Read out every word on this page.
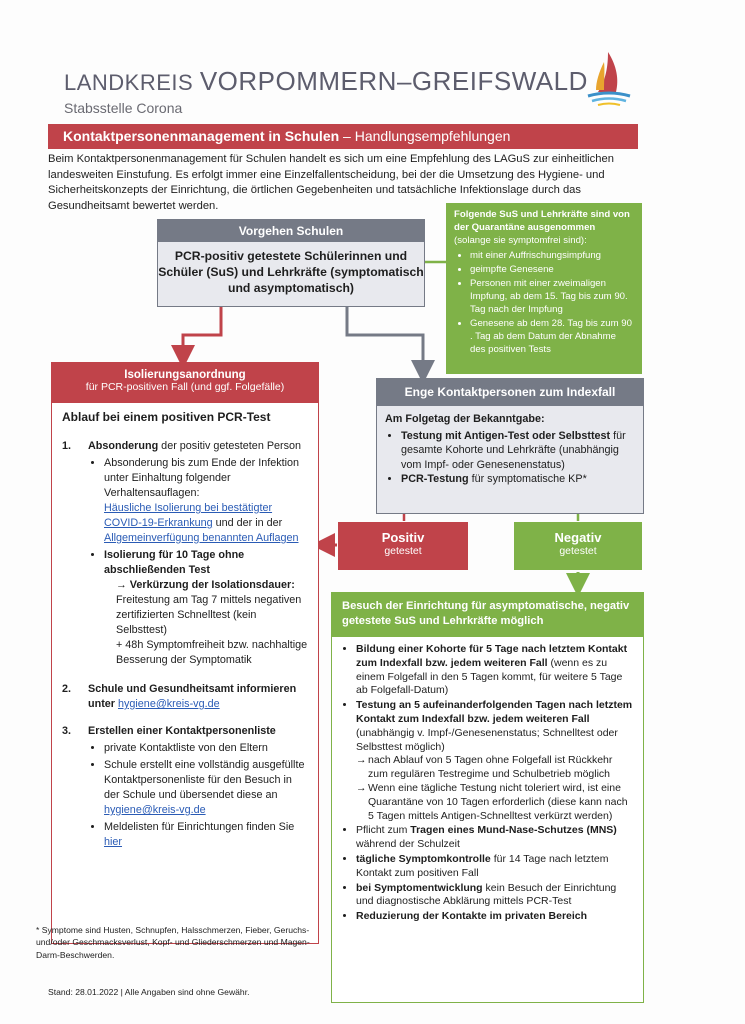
LANDKREIS VORPOMMERN–GREIFSWALD
Stabsstelle Corona
Kontaktpersonenmanagement in Schulen – Handlungsempfehlungen
Beim Kontaktpersonenmanagement für Schulen handelt es sich um eine Empfehlung des LAGuS zur einheitlichen landesweiten Einstufung. Es erfolgt immer eine Einzelfallentscheidung, bei der die Umsetzung des Hygiene- und Sicherheitskonzepts der Einrichtung, die örtlichen Gegebenheiten und tatsächliche Infektionslage durch das Gesundheitsamt bewertet werden.
Vorgehen Schulen
PCR-positiv getestete Schülerinnen und Schüler (SuS) und Lehrkräfte (symptomatisch und asymptomatisch)
Folgende SuS und Lehrkräfte sind von der Quarantäne ausgenommen
(solange sie symptomfrei sind):
• mit einer Auffrischungsimpfung
• geimpfte Genesene
• Personen mit einer zweimaligen Impfung, ab dem 15. Tag bis zum 90. Tag nach der Impfung
• Genesene ab dem 28. Tag bis zum 90 . Tag ab dem Datum der Abnahme des positiven Tests
Isolierungsanordnung
für PCR-positiven Fall (und ggf. Folgefälle)
Ablauf bei einem positiven PCR-Test
1.	Absonderung der positiv getesteten Person
• Absonderung bis zum Ende der Infektion unter Einhaltung folgender Verhaltensauflagen:
Häusliche Isolierung bei bestätigter COVID-19-Erkrankung und der in der Allgemeinverfügung benannten Auflagen
• Isolierung für 10 Tage ohne abschließenden Test
→ Verkürzung der Isolationsdauer:
Freitestung am Tag 7 mittels negativen zertifizierten Schnelltest (kein Selbsttest)
+ 48h Symptomfreiheit bzw. nachhaltige Besserung der Symptomatik
2.	Schule und Gesundheitsamt informieren unter hygiene@kreis-vg.de
3.	Erstellen einer Kontaktpersonenliste
• private Kontaktliste von den Eltern
• Schule erstellt eine vollständig ausgefüllte Kontaktpersonenliste für den Besuch in der Schule und übersendet diese an hygiene@kreis-vg.de
• Meldelisten für Einrichtungen finden Sie hier
Enge Kontaktpersonen zum Indexfall
Am Folgetag der Bekanntgabe:
• Testung mit Antigen-Test oder Selbsttest für gesamte Kohorte und Lehrkräfte (unabhängig vom Impf- oder Genesenenstatus)
• PCR-Testung für symptomatische KP*
Positiv
getestet
Negativ
getestet
Besuch der Einrichtung für asymptomatische, negativ getestete SuS und Lehrkräfte möglich
• Bildung einer Kohorte für 5 Tage nach letztem Kontakt zum Indexfall bzw. jedem weiteren Fall (wenn es zu einem Folgefall in den 5 Tagen kommt, für weitere 5 Tage ab Folgefall-Datum)
• Testung an 5 aufeinanderfolgenden Tagen nach letztem Kontakt zum Indexfall bzw. jedem weiteren Fall (unabhängig v. Impf-/Genesenenstatus; Schnelltest oder Selbsttest möglich)
→ nach Ablauf von 5 Tagen ohne Folgefall ist Rückkehr zum regulären Testregime und Schulbetrieb möglich
→ Wenn eine tägliche Testung nicht toleriert wird, ist eine Quarantäne von 10 Tagen erforderlich (diese kann nach 5 Tagen mittels Antigen-Schnelltest verkürzt werden)
• Pflicht zum Tragen eines Mund-Nase-Schutzes (MNS) während der Schulzeit
• tägliche Symptomkontrolle für 14 Tage nach letztem Kontakt zum positiven Fall
• bei Symptomentwicklung kein Besuch der Einrichtung und diagnostische Abklärung mittels PCR-Test
• Reduzierung der Kontakte im privaten Bereich
* Symptome sind Husten, Schnupfen, Halsschmerzen, Fieber, Geruchs- und/oder Geschmacksverlust, Kopf- und Gliederschmerzen und Magen-Darm-Beschwerden.
Stand: 28.01.2022 | Alle Angaben sind ohne Gewähr.
